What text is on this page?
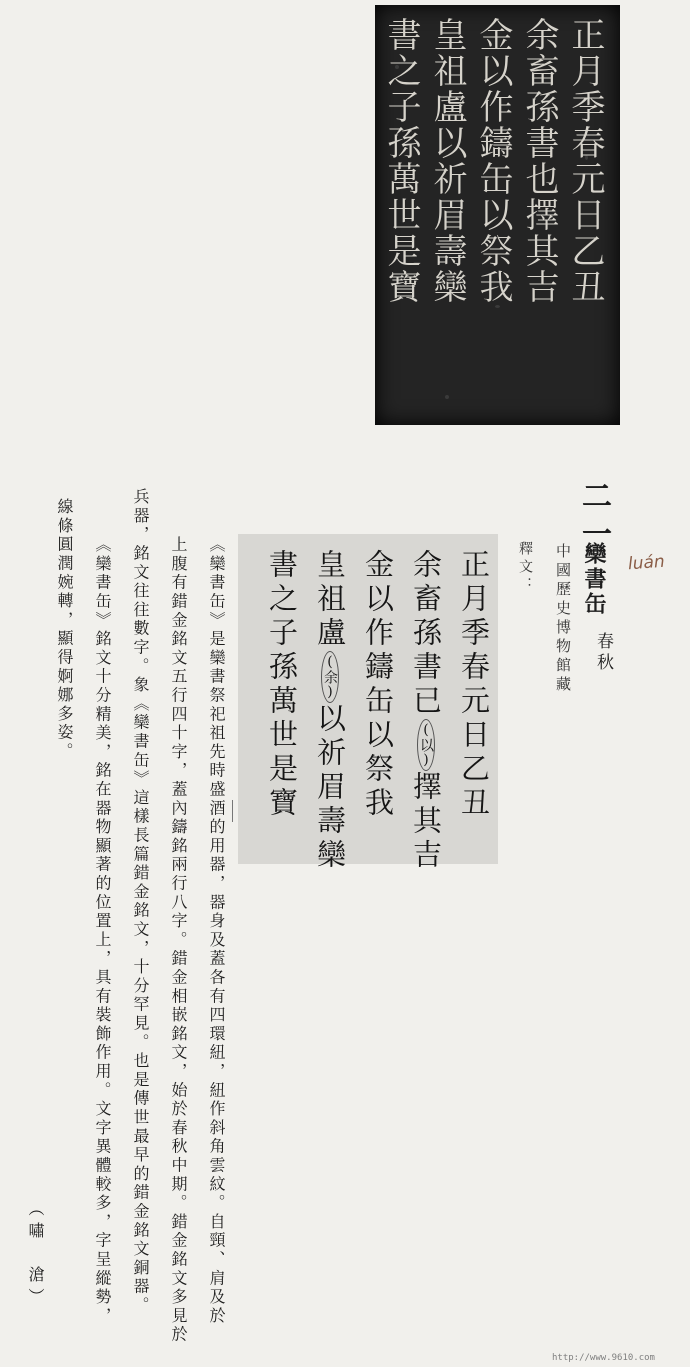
正月季春元日乙丑
余畜孫書也擇其吉
金以作鑄缶以祭我
皇祖盧以祈眉壽欒
書之子孫萬世是寶
二一
欒書缶
春秋
luán
中國歷史博物館藏
釋文：
正月季春元日乙丑
余畜孫書已(以)擇其吉
金以作鑄缶以祭我
皇祖盧(余)以祈眉壽欒
書之子孫萬世是寶
《欒書缶》是欒書祭祀祖先時盛酒的用器，器身及蓋各有四環紐，紐作斜角雲紋。自頸、肩及於
上腹有錯金銘文五行四十字，蓋內鑄銘兩行八字。錯金相嵌銘文，始於春秋中期。錯金銘文多見於
兵器，銘文往往數字。象《欒書缶》這樣長篇錯金銘文，十分罕見。也是傳世最早的錯金銘文銅器。
《欒書缶》銘文十分精美，銘在器物顯著的位置上，具有裝飾作用。文字異體較多，字呈縱勢，
線條圓潤婉轉，顯得婀娜多姿。
（嘯　滄）
http://www.9610.com
